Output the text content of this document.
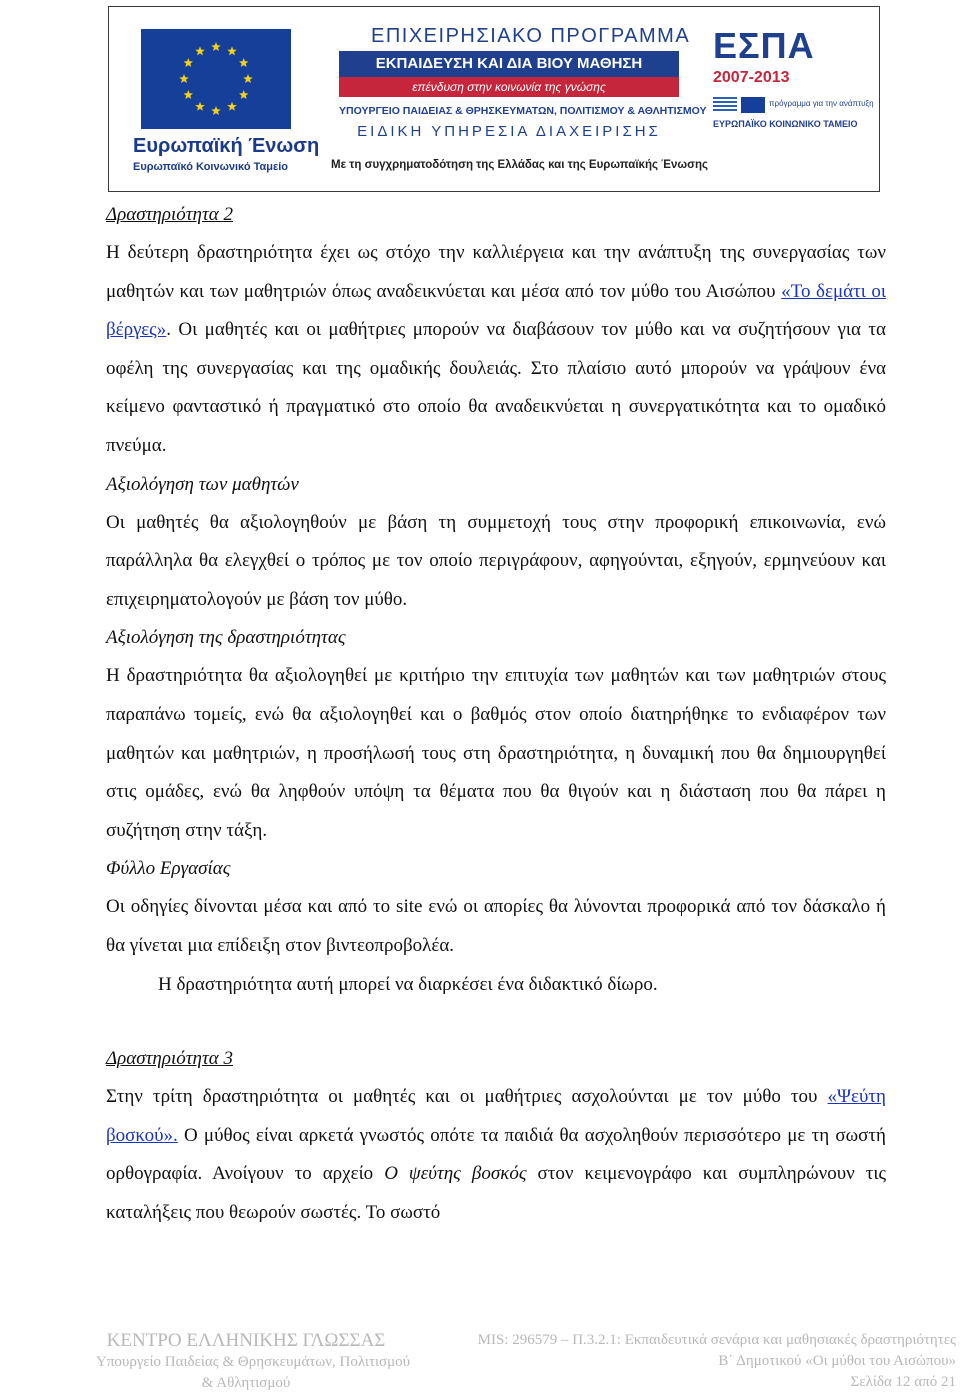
Ευρωπαϊκή Ένωση
Ευρωπαϊκό Κοινωνικό Ταμείο
ΕΠΙΧΕΙΡΗΣΙΑΚΟ ΠΡΟΓΡΑΜΜΑ
ΕΚΠΑΙΔΕΥΣΗ ΚΑΙ ΔΙΑ ΒΙΟΥ ΜΑΘΗΣΗ
επένδυση στην κοινωνία της γνώσης
ΥΠΟΥΡΓΕΙΟ ΠΑΙΔΕΙΑΣ & ΘΡΗΣΚΕΥΜΑΤΩΝ, ΠΟΛΙΤΙΣΜΟΥ & ΑΘΛΗΤΙΣΜΟΥ
ΕΙΔΙΚΗ ΥΠΗΡΕΣΙΑ ΔΙΑΧΕΙΡΙΣΗΣ
Με τη συγχρηματοδότηση της Ελλάδας και της Ευρωπαϊκής Ένωσης
ΕΣΠΑ
2007-2013
πρόγραμμα για την ανάπτυξη
ΕΥΡΩΠΑΪΚΟ ΚΟΙΝΩΝΙΚΟ ΤΑΜΕΙΟ

Δραστηριότητα 2

Η δεύτερη δραστηριότητα έχει ως στόχο την καλλιέργεια και την ανάπτυξη της συνεργασίας των μαθητών και των μαθητριών όπως αναδεικνύεται και μέσα από τον μύθο του Αισώπου «Το δεμάτι οι βέργες». Οι μαθητές και οι μαθήτριες μπορούν να διαβάσουν τον μύθο και να συζητήσουν για τα οφέλη της συνεργασίας και της ομαδικής δουλειάς. Στο πλαίσιο αυτό μπορούν να γράψουν ένα κείμενο φανταστικό ή πραγματικό στο οποίο θα αναδεικνύεται η συνεργατικότητα και το ομαδικό πνεύμα.

Αξιολόγηση των μαθητών

Οι μαθητές θα αξιολογηθούν με βάση τη συμμετοχή τους στην προφορική επικοινωνία, ενώ παράλληλα θα ελεγχθεί ο τρόπος με τον οποίο περιγράφουν, αφηγούνται, εξηγούν, ερμηνεύουν και επιχειρηματολογούν με βάση τον μύθο.

Αξιολόγηση της δραστηριότητας

Η δραστηριότητα θα αξιολογηθεί με κριτήριο την επιτυχία των μαθητών και των μαθητριών στους παραπάνω τομείς, ενώ θα αξιολογηθεί και ο βαθμός στον οποίο διατηρήθηκε το ενδιαφέρον των μαθητών και μαθητριών, η προσήλωσή τους στη δραστηριότητα, η δυναμική που θα δημιουργηθεί στις ομάδες, ενώ θα ληφθούν υπόψη τα θέματα που θα θιγούν και η διάσταση που θα πάρει η συζήτηση στην τάξη.

Φύλλο Εργασίας

Οι οδηγίες δίνονται μέσα και από το site ενώ οι απορίες θα λύνονται προφορικά από τον δάσκαλο ή θα γίνεται μια επίδειξη στον βιντεοπροβολέα.

Η δραστηριότητα αυτή μπορεί να διαρκέσει ένα διδακτικό δίωρο.

Δραστηριότητα 3

Στην τρίτη δραστηριότητα οι μαθητές και οι μαθήτριες ασχολούνται με τον μύθο του «Ψεύτη βοσκού». Ο μύθος είναι αρκετά γνωστός οπότε τα παιδιά θα ασχοληθούν περισσότερο με τη σωστή ορθογραφία. Ανοίγουν το αρχείο Ο ψεύτης βοσκός στον κειμενογράφο και συμπληρώνουν τις καταλήξεις που θεωρούν σωστές. Το σωστό

ΚΕΝΤΡΟ ΕΛΛΗΝΙΚΗΣ ΓΛΩΣΣΑΣ
Υπουργείο Παιδείας & Θρησκευμάτων, Πολιτισμού
& Αθλητισμού
MIS: 296579 – Π.3.2.1: Εκπαιδευτικά σενάρια και μαθησιακές δραστηριότητες
Β΄ Δημοτικού «Οι μύθοι του Αισώπου»
Σελίδα 12 από 21
